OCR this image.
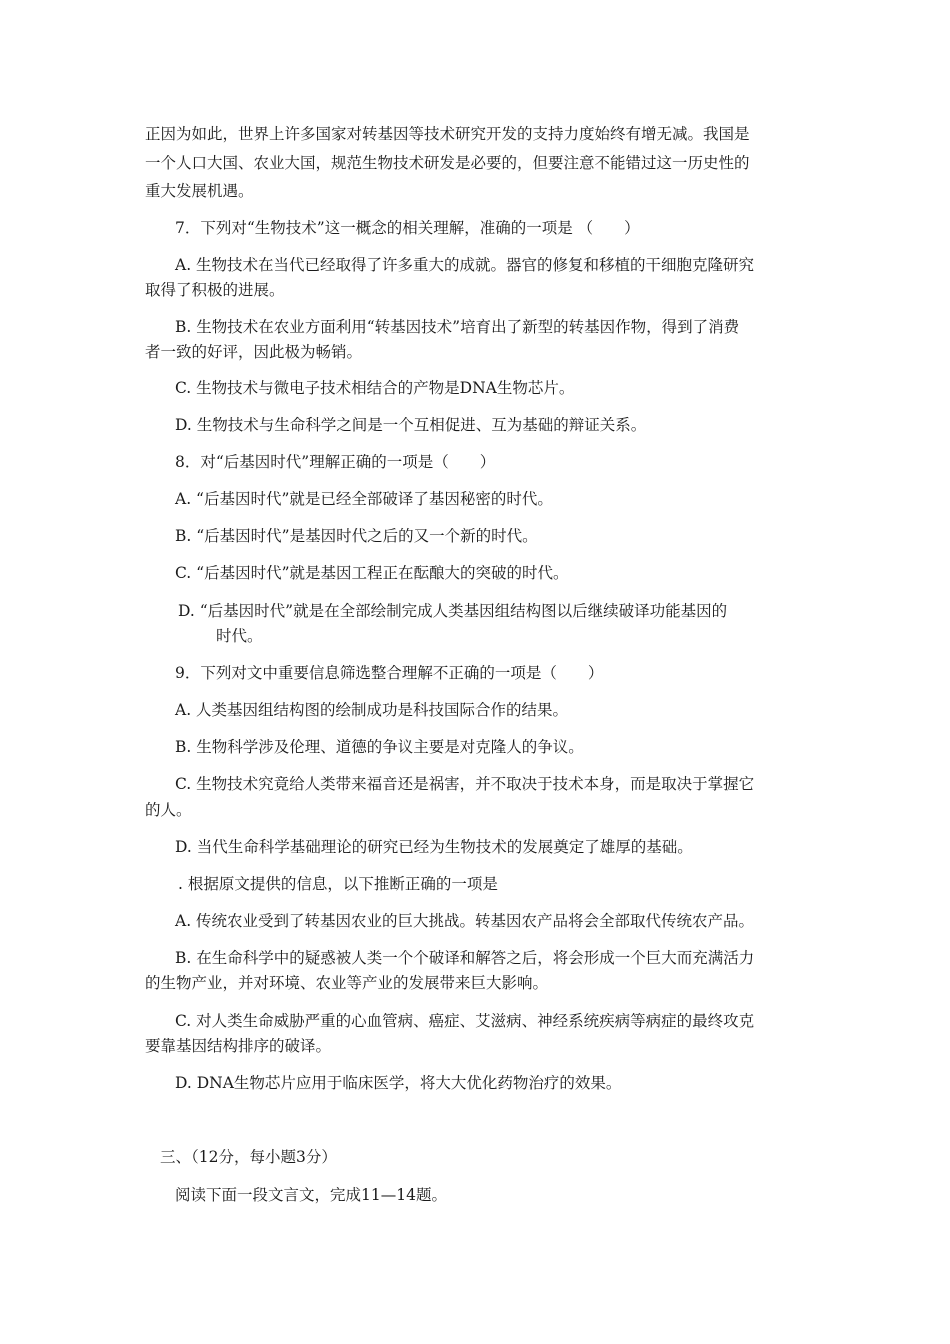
正因为如此，世界上许多国家对转基因等技术研究开发的支持力度始终有增无减。我国是
一个人口大国、农业大国，规范生物技术研发是必要的，但要注意不能错过这一历史性的
重大发展机遇。
7．下列对“生物技术”这一概念的相关理解，准确的一项是 （　　）
A. 生物技术在当代已经取得了许多重大的成就。器官的修复和移植的干细胞克隆研究
取得了积极的进展。
B. 生物技术在农业方面利用“转基因技术”培育出了新型的转基因作物，得到了消费
者一致的好评，因此极为畅销。
C. 生物技术与微电子技术相结合的产物是DNA生物芯片。
D. 生物技术与生命科学之间是一个互相促进、互为基础的辩证关系。
8．对“后基因时代”理解正确的一项是（　　）
A. “后基因时代”就是已经全部破译了基因秘密的时代。
B. “后基因时代”是基因时代之后的又一个新的时代。
C. “后基因时代”就是基因工程正在酝酿大的突破的时代。
D. “后基因时代”就是在全部绘制完成人类基因组结构图以后继续破译功能基因的
时代。
9．下列对文中重要信息筛选整合理解不正确的一项是（　　）
A. 人类基因组结构图的绘制成功是科技国际合作的结果。
B. 生物科学涉及伦理、道德的争议主要是对克隆人的争议。
C. 生物技术究竟给人类带来福音还是祸害，并不取决于技术本身，而是取决于掌握它
的人。
D. 当代生命科学基础理论的研究已经为生物技术的发展奠定了雄厚的基础。
. 根据原文提供的信息，以下推断正确的一项是
A. 传统农业受到了转基因农业的巨大挑战。转基因农产品将会全部取代传统农产品。
B. 在生命科学中的疑惑被人类一个个破译和解答之后，将会形成一个巨大而充满活力
的生物产业，并对环境、农业等产业的发展带来巨大影响。
C. 对人类生命威胁严重的心血管病、癌症、艾滋病、神经系统疾病等病症的最终攻克
要靠基因结构排序的破译。
D. DNA生物芯片应用于临床医学，将大大优化药物治疗的效果。
三、（12分，每小题3分）
阅读下面一段文言文，完成11—14题。
